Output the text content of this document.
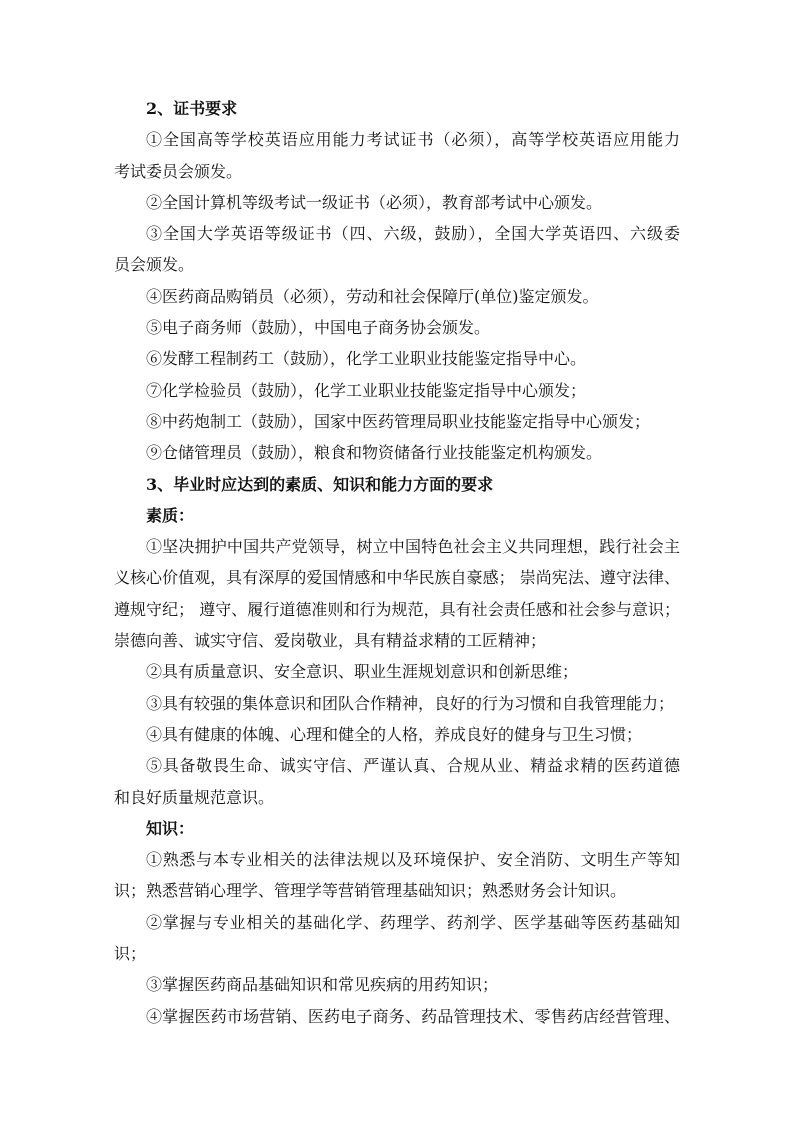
2、证书要求

①全国高等学校英语应用能力考试证书（必须），高等学校英语应用能力

考试委员会颁发。

②全国计算机等级考试一级证书（必须），教育部考试中心颁发。

③全国大学英语等级证书（四、六级，鼓励），全国大学英语四、六级委

员会颁发。

④医药商品购销员（必须），劳动和社会保障厅(单位)鉴定颁发。

⑤电子商务师（鼓励），中国电子商务协会颁发。

⑥发酵工程制药工（鼓励），化学工业职业技能鉴定指导中心。

⑦化学检验员（鼓励），化学工业职业技能鉴定指导中心颁发；

⑧中药炮制工（鼓励），国家中医药管理局职业技能鉴定指导中心颁发；

⑨仓储管理员（鼓励），粮食和物资储备行业技能鉴定机构颁发。

3、毕业时应达到的素质、知识和能力方面的要求

素质：

①坚决拥护中国共产党领导，树立中国特色社会主义共同理想，践行社会主

义核心价值观，具有深厚的爱国情感和中华民族自豪感； 崇尚宪法、遵守法律、

遵规守纪； 遵守、履行道德准则和行为规范，具有社会责任感和社会参与意识；

崇德向善、诚实守信、爱岗敬业，具有精益求精的工匠精神；

②具有质量意识、安全意识、职业生涯规划意识和创新思维；

③具有较强的集体意识和团队合作精神，良好的行为习惯和自我管理能力；

④具有健康的体魄、心理和健全的人格，养成良好的健身与卫生习惯；

⑤具备敬畏生命、诚实守信、严谨认真、合规从业、精益求精的医药道德

和良好质量规范意识。

知识：

①熟悉与本专业相关的法律法规以及环境保护、安全消防、文明生产等知

识；熟悉营销心理学、管理学等营销管理基础知识；熟悉财务会计知识。

②掌握与专业相关的基础化学、药理学、药剂学、医学基础等医药基础知

识；

③掌握医药商品基础知识和常见疾病的用药知识；

④掌握医药市场营销、医药电子商务、药品管理技术、零售药店经营管理、
